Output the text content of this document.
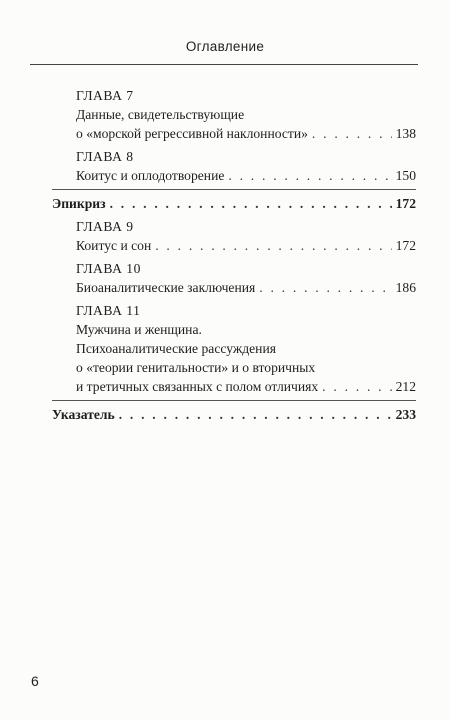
Оглавление
ГЛАВА 7
Данные, свидетельствующие
о «морской регрессивной наклонности» . . .	138
ГЛАВА 8
Коитус и оплодотворение . . .	150
Эпикриз . . .	172
ГЛАВА 9
Коитус и сон . . .	172
ГЛАВА 10
Биоаналитические заключения . . .	186
ГЛАВА 11
Мужчина и женщина.
Психоаналитические рассуждения
о «теории генитальности» и о вторичных
и третичных связанных с полом отличиях . . .	212
Указатель . . .	233
6
